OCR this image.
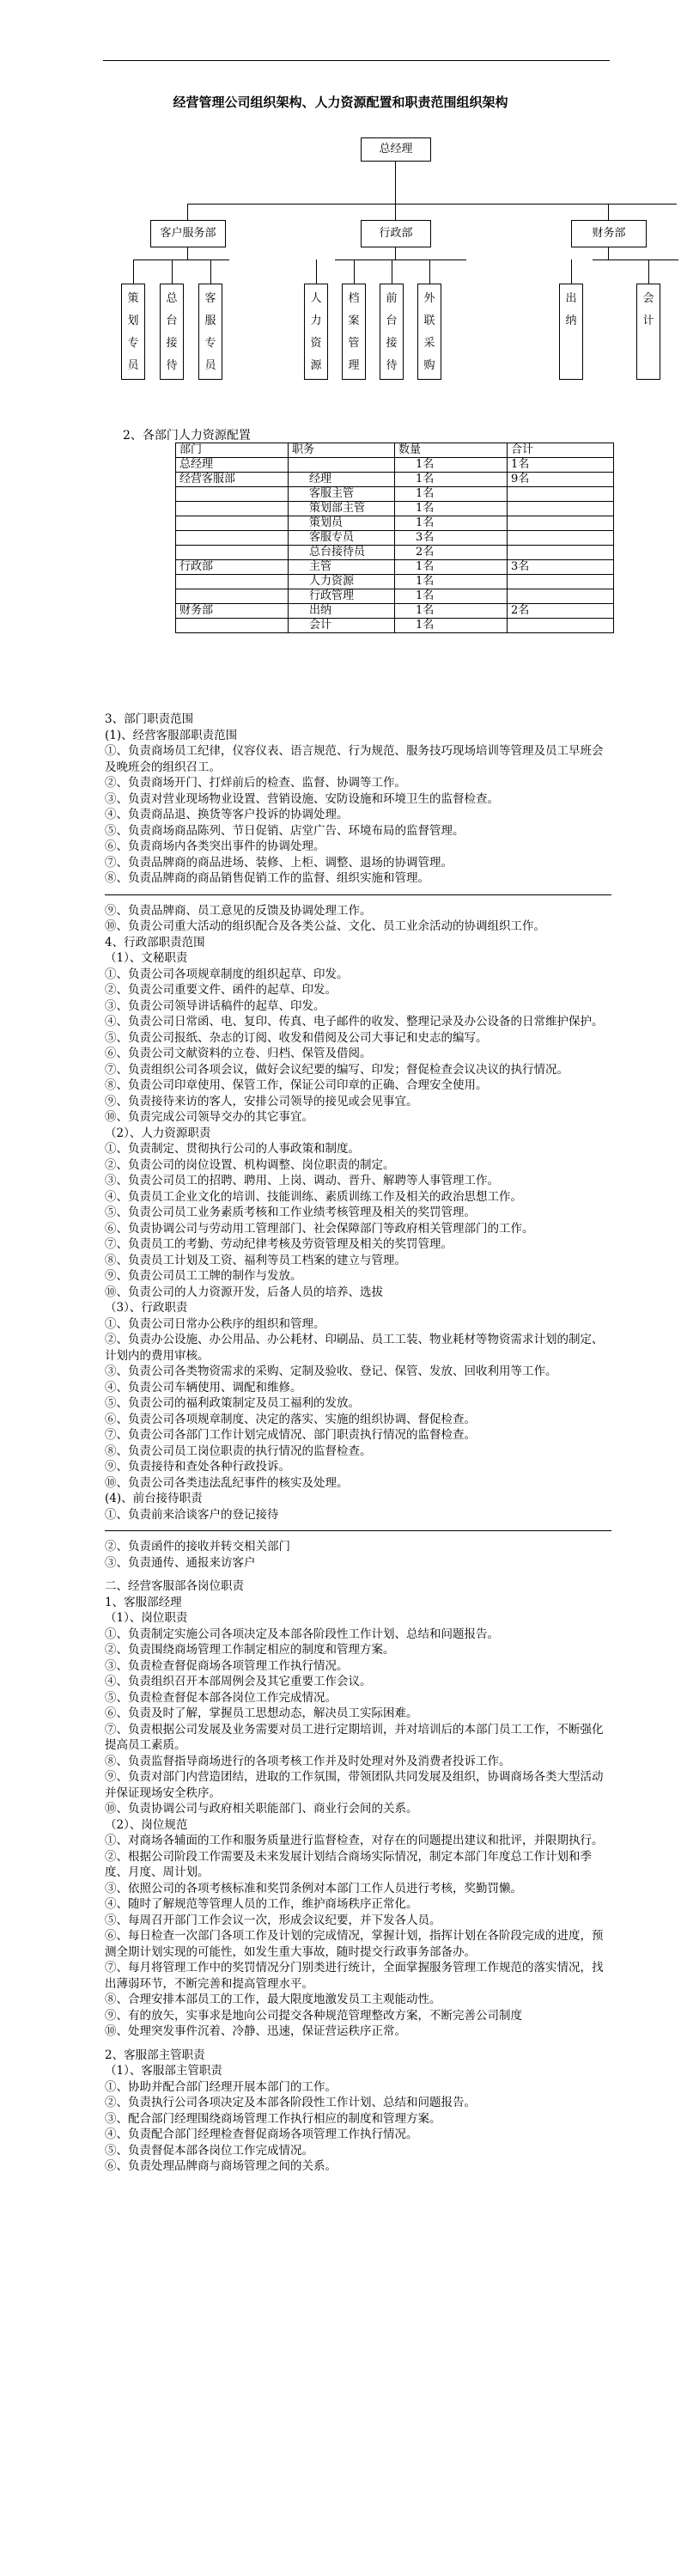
经营管理公司组织架构、人力资源配置和职责范围组织架构
总经理
客户服务部	行政部	财务部
策
划
专
员
总
台
接
待
客
服
专
员
人
力
资
源
档
案
管
理
前
台
接
待
外
联
采
购
出
纳
会
计
2、各部门人力资源配置
部门	职务	数量	合计
总经理		1名	1名
经营客服部	经理	1名	9名
	客服主管	1名	
	策划部主管	1名	
	策划员	1名	
	客服专员	3名	
	总台接待员	2名	
行政部	主管	1名	3名
	人力资源	1名	
	行政管理	1名	
财务部	出纳	1名	2名
	会计	1名	

3、部门职责范围

(1)、经营客服部职责范围

①、负责商场员工纪律，仪容仪表、语言规范、行为规范、服务技巧现场培训等管理及员工早班会及晚班会的组织召工。

②、负责商场开门、打烊前后的检查、监督、协调等工作。

③、负责对营业现场物业设置、营销设施、安防设施和环境卫生的监督检查。

④、负责商品退、换货等客户投诉的协调处理。

⑤、负责商场商品陈列、节日促销、店堂广告、环境布局的监督管理。

⑥、负责商场内各类突出事件的协调处理。

⑦、负责品牌商的商品进场、装修、上柜、调整、退场的协调管理。

⑧、负责品牌商的商品销售促销工作的监督、组织实施和管理。

⑨、负责品牌商、员工意见的反馈及协调处理工作。

⑩、负责公司重大活动的组织配合及各类公益、文化、员工业余活动的协调组织工作。

4、行政部职责范围

（1）、文秘职责

①、负责公司各项规章制度的组织起草、印发。

②、负责公司重要文件、函件的起草、印发。

③、负责公司领导讲话稿件的起草、印发。

④、负责公司日常函、电、复印、传真、电子邮件的收发、整理记录及办公设备的日常维护保护。

⑤、负责公司报纸、杂志的订阅、收发和借阅及公司大事记和史志的编写。

⑥、负责公司文献资料的立卷、归档、保管及借阅。

⑦、负责组织公司各项会议，做好会议纪要的编写、印发；督促检查会议决议的执行情况。

⑧、负责公司印章使用、保管工作，保证公司印章的正确、合理安全使用。

⑨、负责接待来访的客人，安排公司领导的接见或会见事宜。

⑩、负责完成公司领导交办的其它事宜。

（2）、人力资源职责

①、负责制定、贯彻执行公司的人事政策和制度。

②、负责公司的岗位设置、机构调整、岗位职责的制定。

③、负责公司员工的招聘、聘用、上岗、调动、晋升、解聘等人事管理工作。

④、负责员工企业文化的培训、技能训练、素质训练工作及相关的政治思想工作。

⑤、负责公司员工业务素质考核和工作业绩考核管理及相关的奖罚管理。

⑥、负责协调公司与劳动用工管理部门、社会保障部门等政府相关管理部门的工作。

⑦、负责员工的考勤、劳动纪律考核及劳资管理及相关的奖罚管理。

⑧、负责员工计划及工资、福利等员工档案的建立与管理。

⑨、负责公司员工工牌的制作与发放。

⑩、负责公司的人力资源开发，后备人员的培养、选拔

（3）、行政职责

①、负责公司日常办公秩序的组织和管理。

②、负责办公设施、办公用品、办公耗材、印刷品、员工工装、物业耗材等物资需求计划的制定、计划内的费用审核。

③、负责公司各类物资需求的采购、定制及验收、登记、保管、发放、回收利用等工作。

④、负责公司车辆使用、调配和维修。

⑤、负责公司的福利政策制定及员工福利的发放。

⑥、负责公司各项规章制度、决定的落实、实施的组织协调、督促检查。

⑦、负责公司各部门工作计划完成情况、部门职责执行情况的监督检查。

⑧、负责公司员工岗位职责的执行情况的监督检查。

⑨、负责接待和查处各种行政投诉。

⑩、负责公司各类违法乱纪事件的核实及处理。

(4)、前台接待职责

①、负责前来洽谈客户的登记接待

②、负责函件的接收并转交相关部门

③、负责通传、通报来访客户

二、经营客服部各岗位职责

1、客服部经理

（1）、岗位职责

①、负责制定实施公司各项决定及本部各阶段性工作计划、总结和问题报告。

②、负责围绕商场管理工作制定相应的制度和管理方案。

③、负责检查督促商场各项管理工作执行情况。

④、负责组织召开本部周例会及其它重要工作会议。

⑤、负责检查督促本部各岗位工作完成情况。

⑥、负责及时了解，掌握员工思想动态，解决员工实际困难。

⑦、负责根据公司发展及业务需要对员工进行定期培训，并对培训后的本部门员工工作，不断强化提高员工素质。

⑧、负责监督指导商场进行的各项考核工作并及时处理对外及消费者投诉工作。

⑨、负责对部门内营造团结，进取的工作氛围，带领团队共同发展及组织，协调商场各类大型活动并保证现场安全秩序。

⑩、负责协调公司与政府相关职能部门、商业行会间的关系。

（2）、岗位规范

①、对商场各辅面的工作和服务质量进行监督检查，对存在的问题提出建议和批评，并限期执行。

②、根据公司阶段工作需要及未来发展计划结合商场实际情况，制定本部门年度总工作计划和季度、月度、周计划。

③、依照公司的各项考核标准和奖罚条例对本部门工作人员进行考核，奖勤罚懒。

④、随时了解规范等管理人员的工作，维护商场秩序正常化。

⑤、每周召开部门工作会议一次，形成会议纪要，并下发各人员。

⑥、每日检查一次部门各项工作及计划的完成情况，掌握计划，指挥计划在各阶段完成的进度，预测全期计划实现的可能性，如发生重大事故，随时提交行政事务部备办。

⑦、每月将管理工作中的奖罚情况分门别类进行统计，全面掌握服务管理工作规范的落实情况，找出薄弱环节，不断完善和提高管理水平。

⑧、合理安排本部员工的工作，最大限度地激发员工主观能动性。

⑨、有的放矢，实事求是地向公司提交各种规范管理整改方案，不断完善公司制度

⑩、处理突发事件沉着、冷静、迅速，保证营运秩序正常。

2、客服部主管职责

（1）、客服部主管职责

①、协助并配合部门经理开展本部门的工作。

②、负责执行公司各项决定及本部各阶段性工作计划、总结和问题报告。

③、配合部门经理围绕商场管理工作执行相应的制度和管理方案。

④、负责配合部门经理检查督促商场各项管理工作执行情况。

⑤、负责督促本部各岗位工作完成情况。

⑥、负责处理品牌商与商场管理之间的关系。
